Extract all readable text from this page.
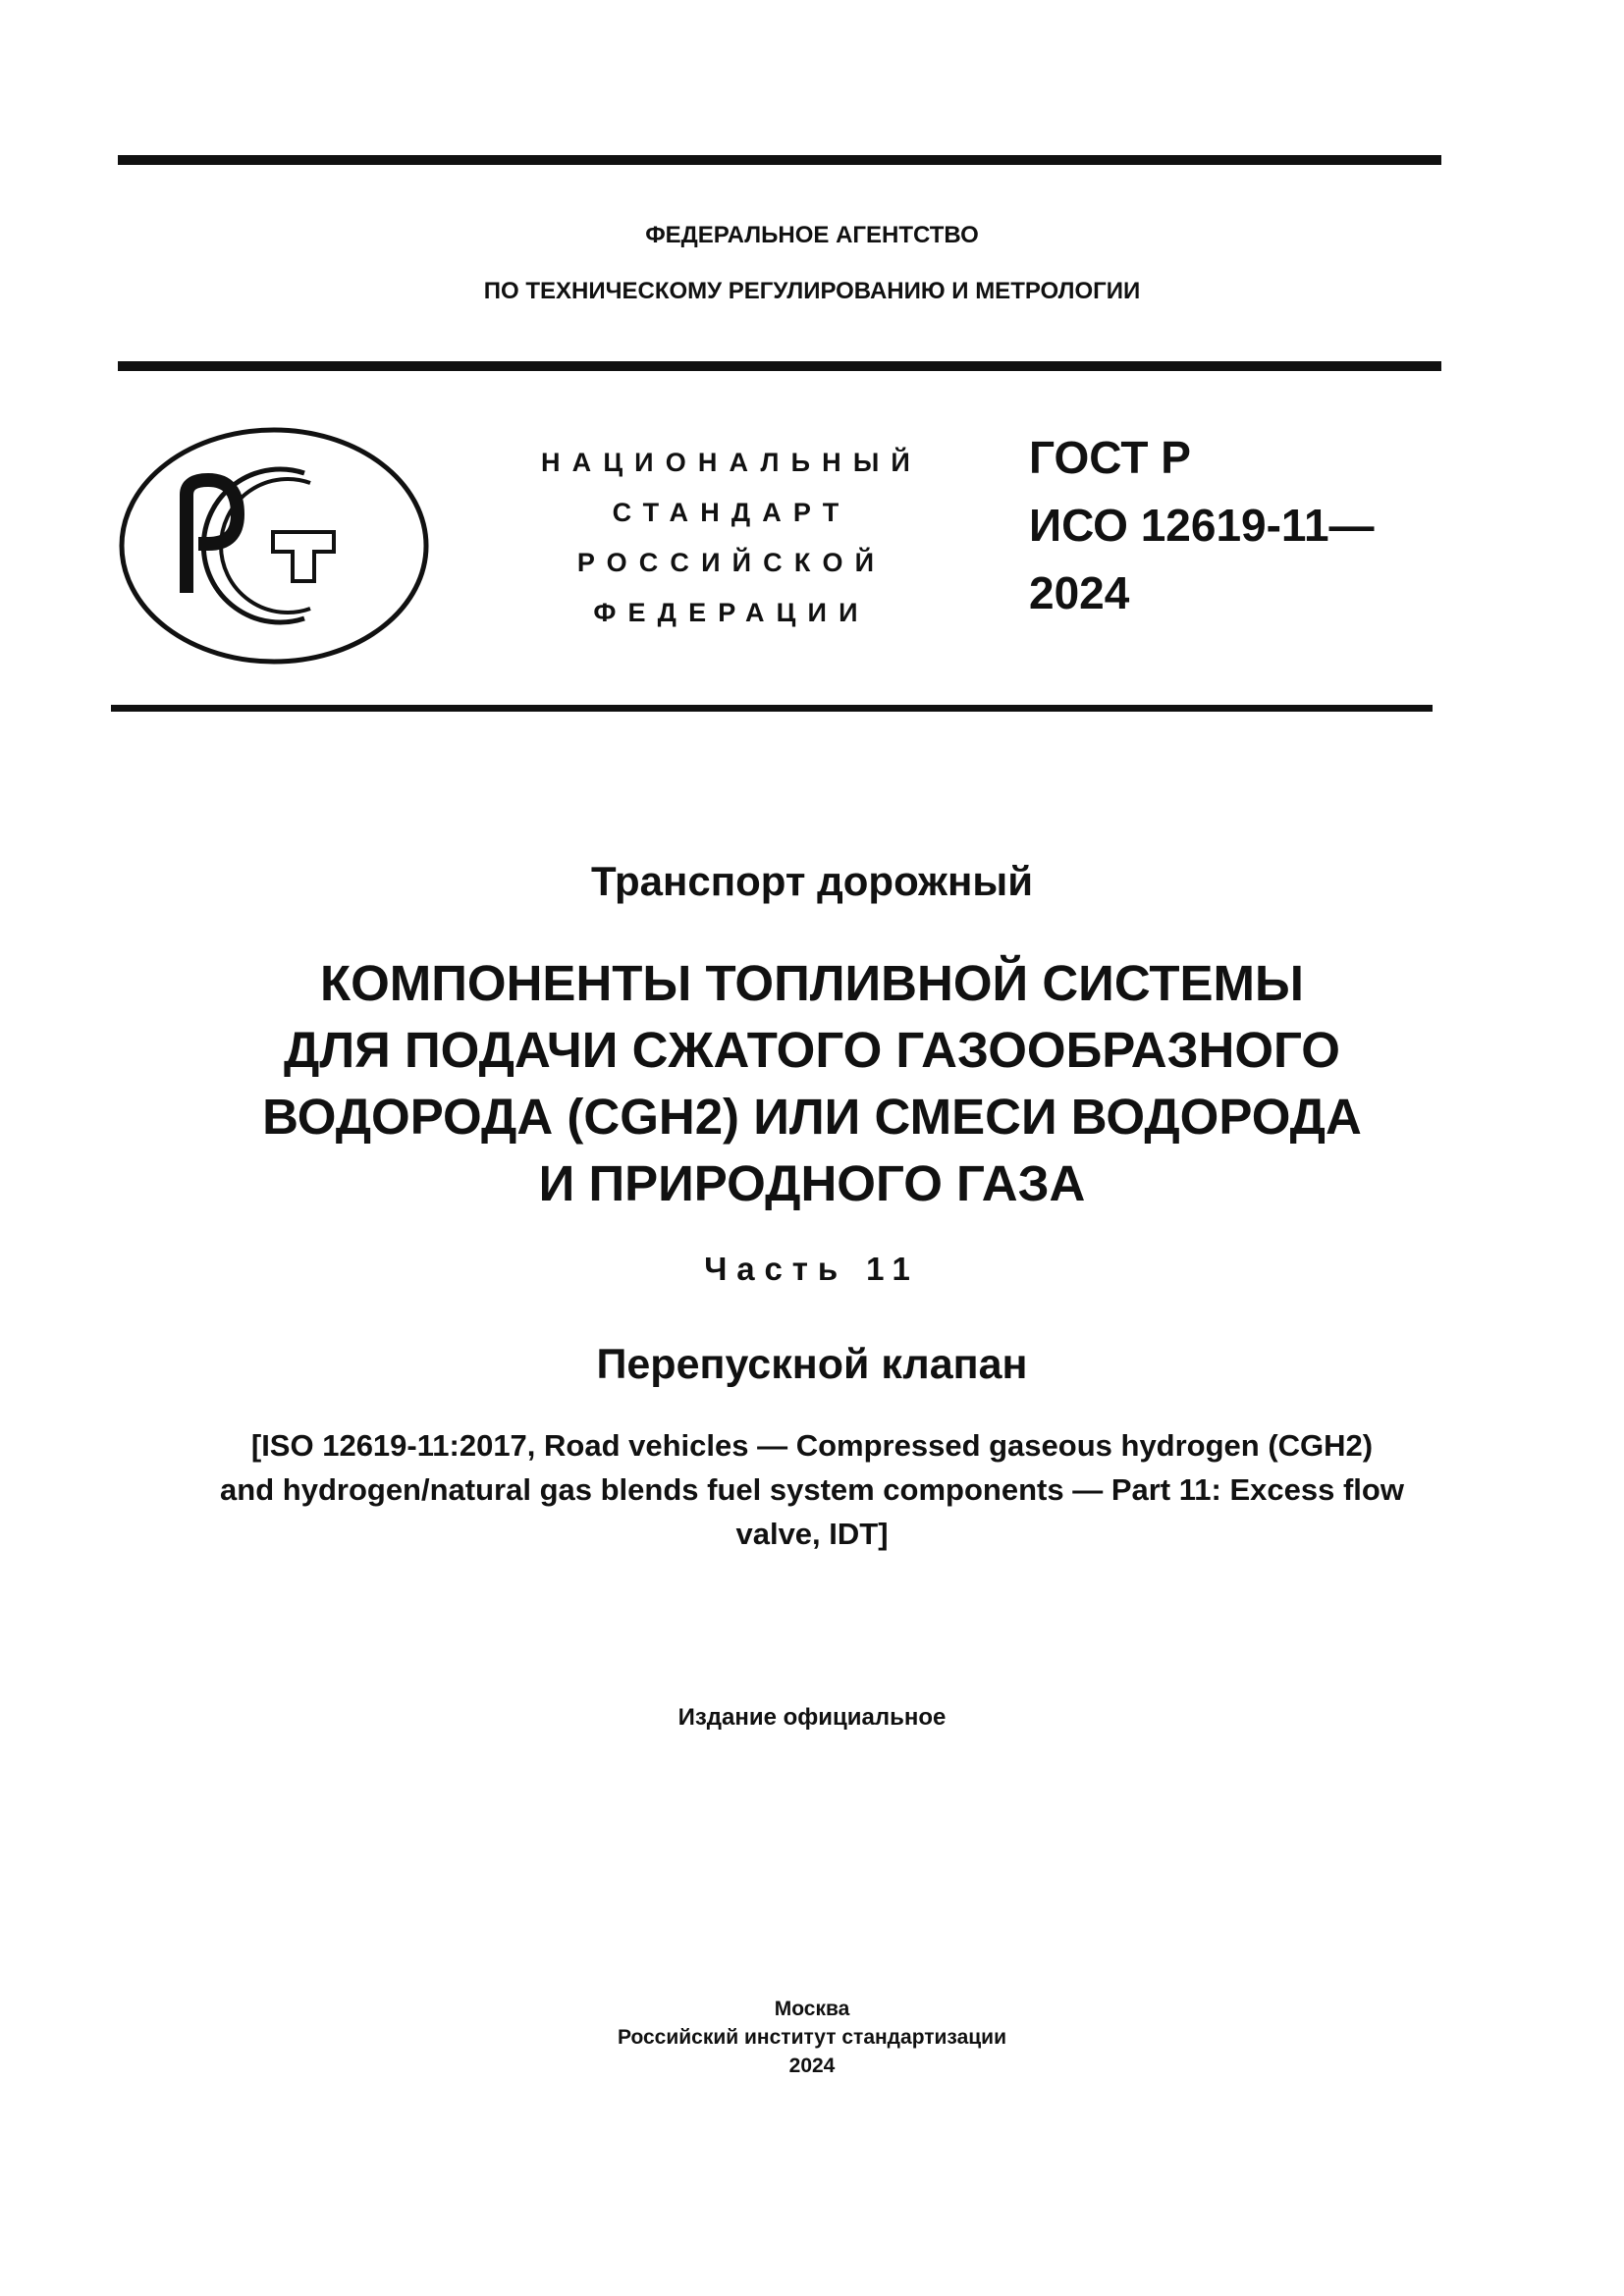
ФЕДЕРАЛЬНОЕ АГЕНТСТВО
ПО ТЕХНИЧЕСКОМУ РЕГУЛИРОВАНИЮ И МЕТРОЛОГИИ
НАЦИОНАЛЬНЫЙ
СТАНДАРТ
РОССИЙСКОЙ
ФЕДЕРАЦИИ
ГОСТ Р
ИСО 12619-11—
2024
Транспорт дорожный
КОМПОНЕНТЫ ТОПЛИВНОЙ СИСТЕМЫ
ДЛЯ ПОДАЧИ СЖАТОГО ГАЗООБРАЗНОГО
ВОДОРОДА (CGH2) ИЛИ СМЕСИ ВОДОРОДА
И ПРИРОДНОГО ГАЗА
Часть 11
Перепускной клапан
[ISO 12619-11:2017, Road vehicles — Compressed gaseous hydrogen (CGH2)
and hydrogen/natural gas blends fuel system components — Part 11: Excess flow
valve, IDT]
Издание официальное
Москва
Российский институт стандартизации
2024
